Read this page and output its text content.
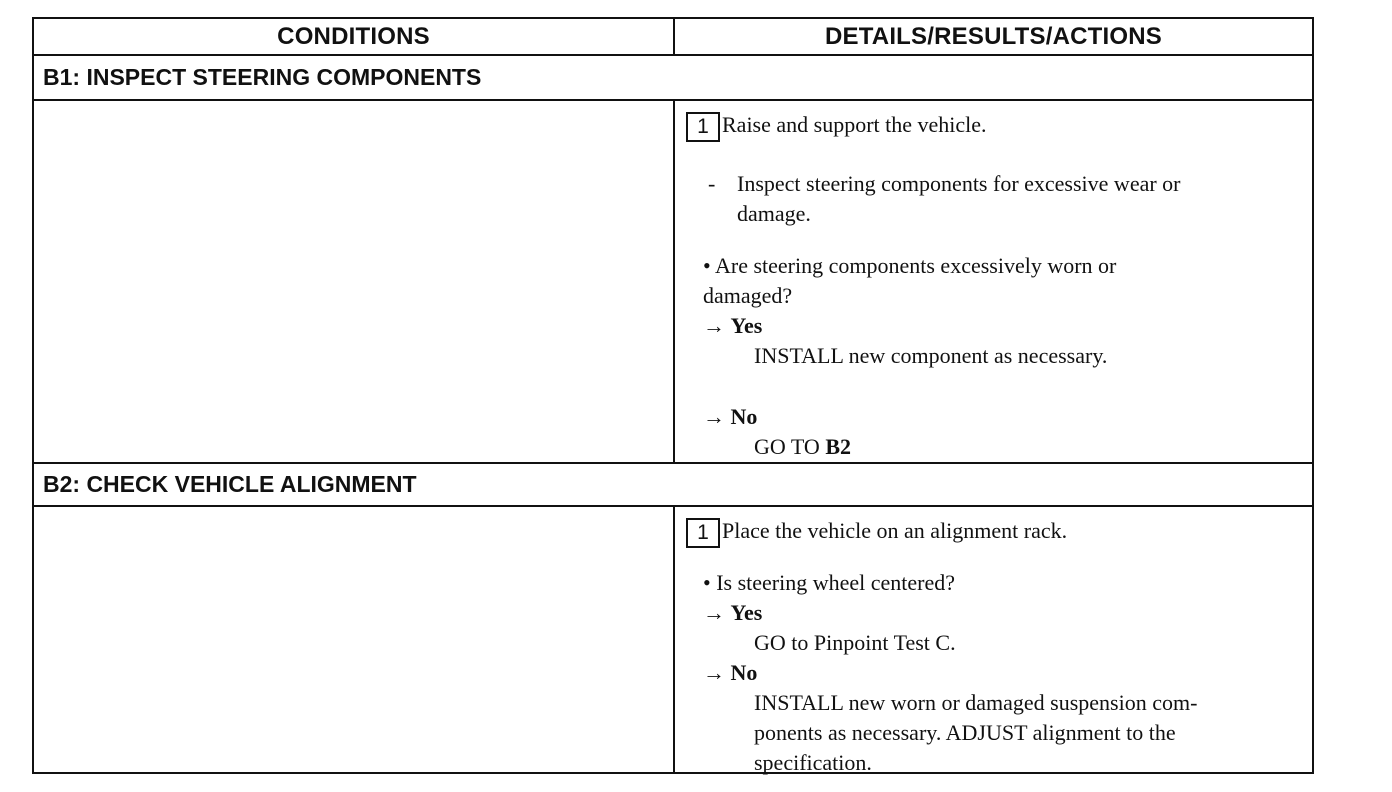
CONDITIONS	DETAILS/RESULTS/ACTIONS
B1: INSPECT STEERING COMPONENTS
1 Raise and support the vehicle.
- Inspect steering components for excessive wear or
damage.
• Are steering components excessively worn or
damaged?
→ Yes
INSTALL new component as necessary.
→ No
GO TO B2
B2: CHECK VEHICLE ALIGNMENT
1 Place the vehicle on an alignment rack.
• Is steering wheel centered?
→ Yes
GO to Pinpoint Test C.
→ No
INSTALL new worn or damaged suspension com-
ponents as necessary. ADJUST alignment to the
specification.
